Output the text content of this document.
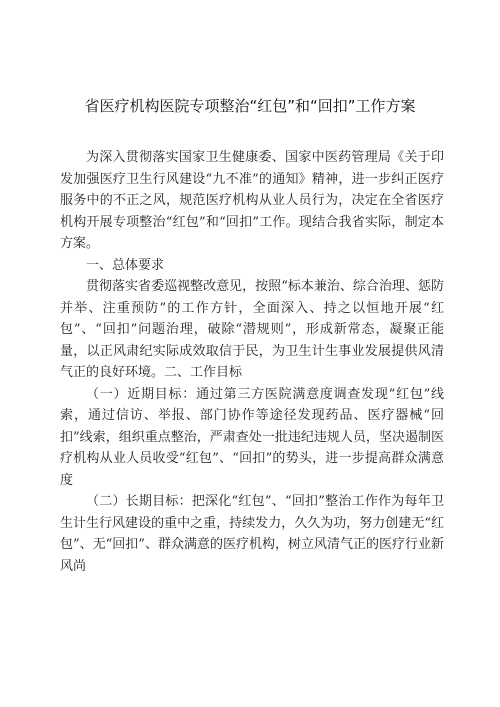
省医疗机构医院专项整治“红包”和“回扣”工作方案

为深入贯彻落实国家卫生健康委、国家中医药管理局《关于印发加强医疗卫生行风建设“九不准”的通知》精神，进一步纠正医疗服务中的不正之风，规范医疗机构从业人员行为，决定在全省医疗机构开展专项整治“红包”和“回扣”工作。现结合我省实际，制定本方案。

一、总体要求

贯彻落实省委巡视整改意见，按照“标本兼治、综合治理、惩防并举、注重预防”的工作方针，全面深入、持之以恒地开展“红包”、“回扣”问题治理，破除“潜规则”，形成新常态，凝聚正能量，以正风肃纪实际成效取信于民，为卫生计生事业发展提供风清气正的良好环境。二、工作目标

（一）近期目标：通过第三方医院满意度调查发现“红包”线索，通过信访、举报、部门协作等途径发现药品、医疗器械“回扣”线索，组织重点整治，严肃查处一批违纪违规人员，坚决遏制医疗机构从业人员收受“红包”、“回扣”的势头，进一步提高群众满意度

（二）长期目标：把深化“红包”、“回扣”整治工作作为每年卫生计生行风建设的重中之重，持续发力，久久为功，努力创建无“红包”、无“回扣”、群众满意的医疗机构，树立风清气正的医疗行业新风尚
